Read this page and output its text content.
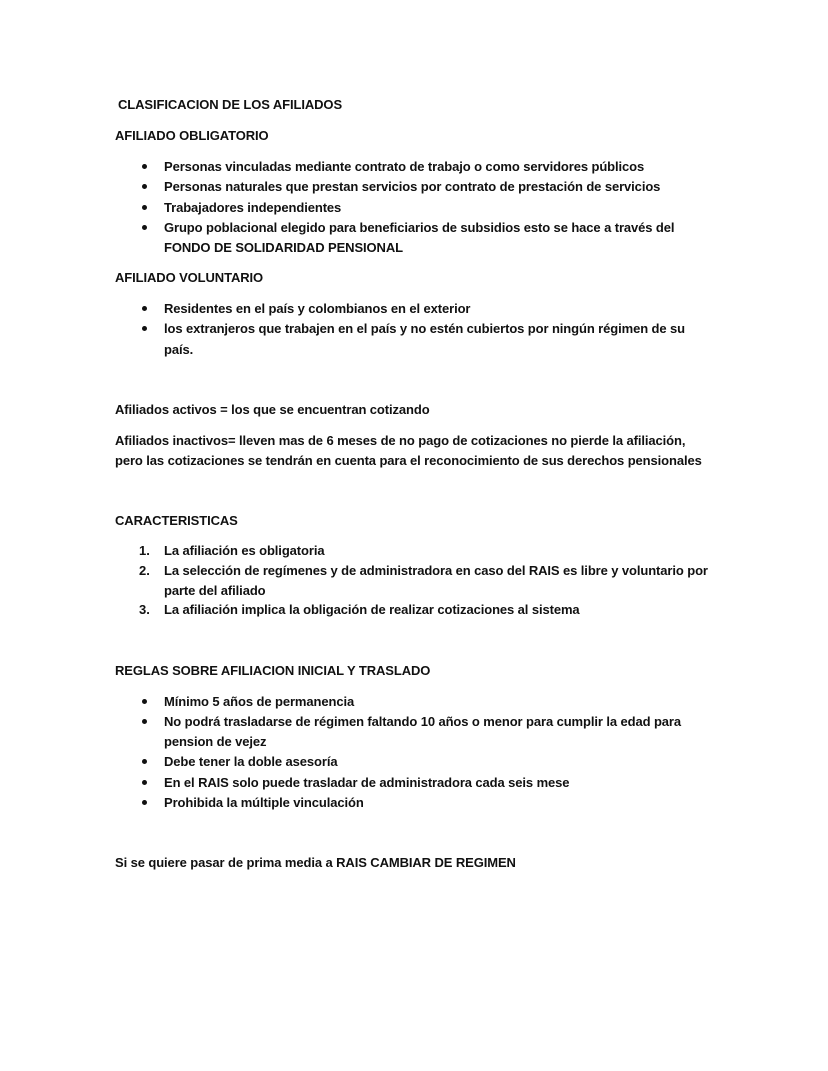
CLASIFICACION DE LOS AFILIADOS
AFILIADO OBLIGATORIO
Personas vinculadas mediante contrato de trabajo o como servidores públicos
Personas naturales que prestan servicios por contrato de prestación de servicios
Trabajadores independientes
Grupo poblacional elegido para beneficiarios de subsidios esto se hace a través del
FONDO DE SOLIDARIDAD PENSIONAL
AFILIADO VOLUNTARIO
Residentes en el país y colombianos en el exterior
los extranjeros que trabajen en el país y no estén cubiertos por ningún régimen de su
país.
Afiliados activos = los que se encuentran cotizando
Afiliados inactivos= lleven mas de 6 meses de no pago de cotizaciones no pierde la afiliación,
pero las cotizaciones se tendrán en cuenta para el reconocimiento de sus derechos pensionales
CARACTERISTICAS
1. La afiliación es obligatoria
2. La selección de regímenes y de administradora en caso del RAIS es libre y voluntario por
parte del afiliado
3. La afiliación implica la obligación de realizar cotizaciones al sistema
REGLAS SOBRE AFILIACION INICIAL Y TRASLADO
Mínimo 5 años de permanencia
No podrá trasladarse de régimen faltando 10 años o menor para cumplir la edad para
pension de vejez
Debe tener la doble asesoría
En el RAIS solo puede trasladar de administradora cada seis mese
Prohibida la múltiple vinculación
Si se quiere pasar de prima media a RAIS CAMBIAR DE REGIMEN
